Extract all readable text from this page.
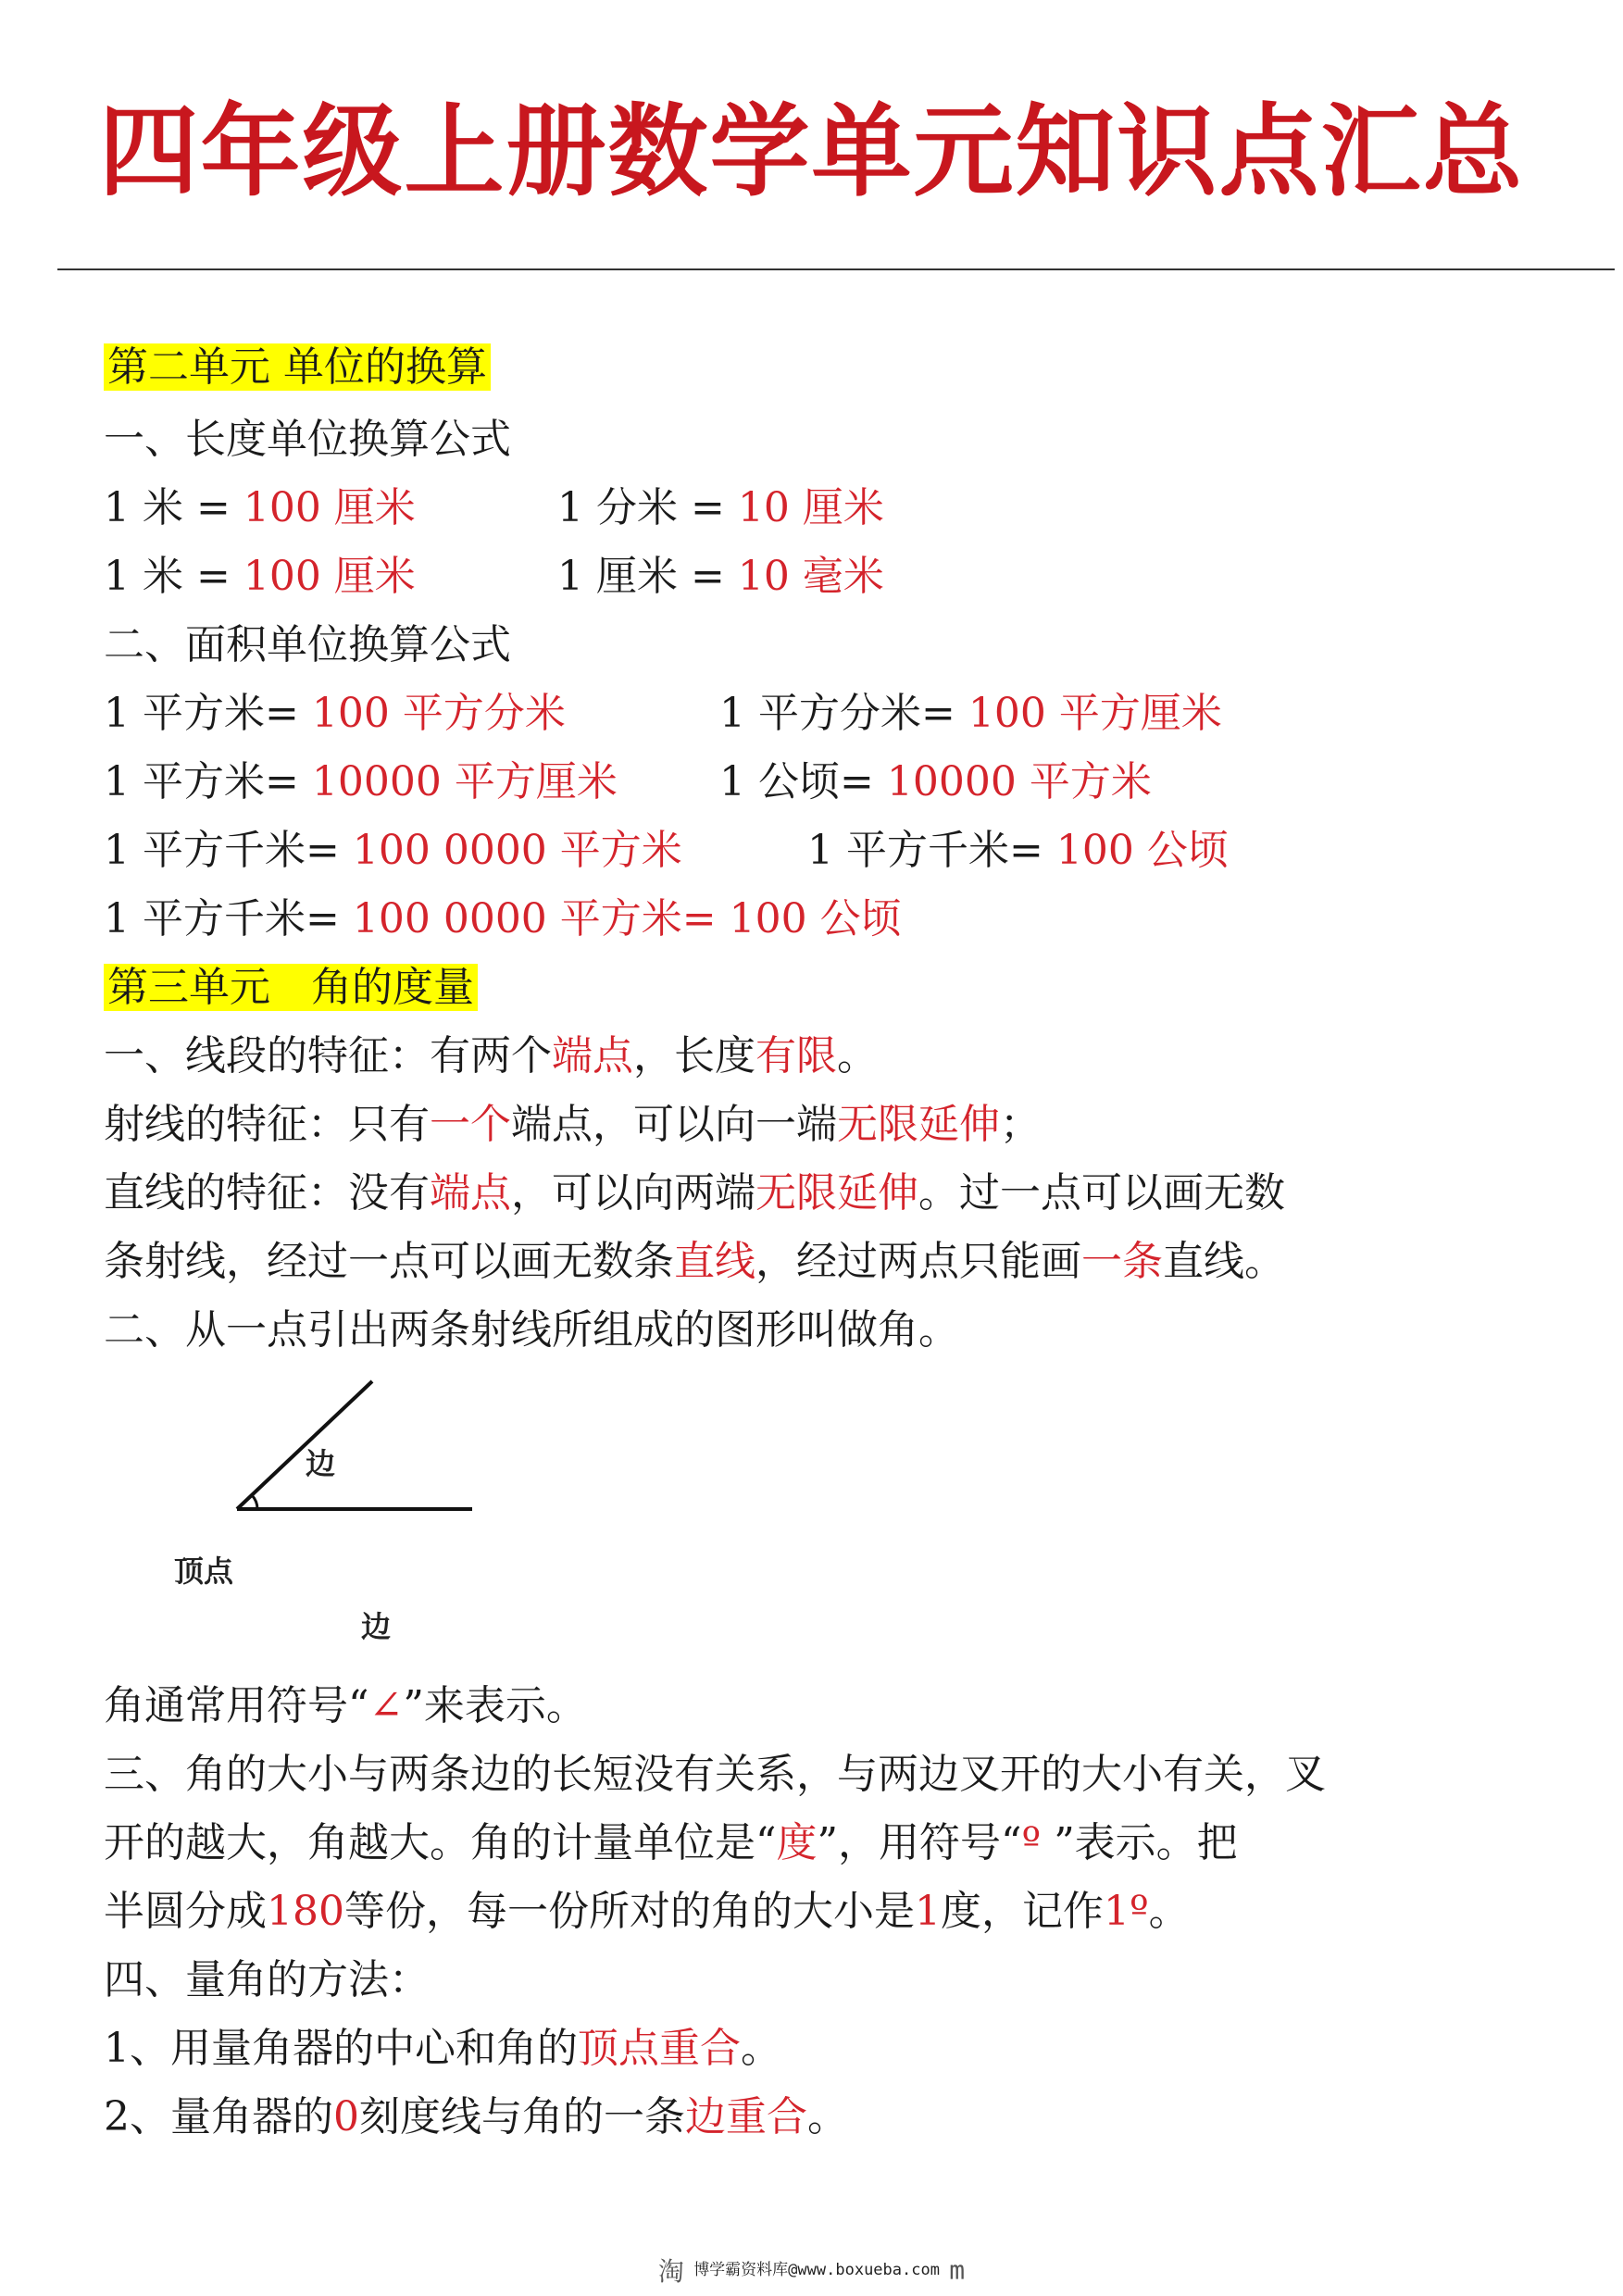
四年级上册数学单元知识点汇总
第二单元 单位的换算
一、长度单位换算公式
1 米 = 100 厘米	1 分米 = 10 厘米
1 米 = 100 厘米	1 厘米 = 10 毫米
二、面积单位换算公式
1 平方米= 100 平方分米	1 平方分米= 100 平方厘米
1 平方米= 10000 平方厘米	1 公顷= 10000 平方米
1 平方千米= 100 0000 平方米	1 平方千米= 100 公顷
1 平方千米= 100 0000 平方米= 100 公顷
第三单元　角的度量
一、线段的特征：有两个端点，长度有限。
射线的特征：只有一个端点，可以向一端无限延伸；
直线的特征：没有端点，可以向两端无限延伸。过一点可以画无数
条射线，经过一点可以画无数条直线，经过两点只能画一条直线。
二、从一点引出两条射线所组成的图形叫做角。
边
顶点
边
角通常用符号“∠”来表示。
三、角的大小与两条边的长短没有关系，与两边叉开的大小有关，叉
开的越大，角越大。角的计量单位是“度”，用符号“º ”表示。把
半圆分成180等份，每一份所对的角的大小是1度，记作1º。
四、量角的方法：
1、用量角器的中心和角的顶点重合。
2、量角器的0刻度线与角的一条边重合。
淘 博学霸资料库@www.boxueba.com m
